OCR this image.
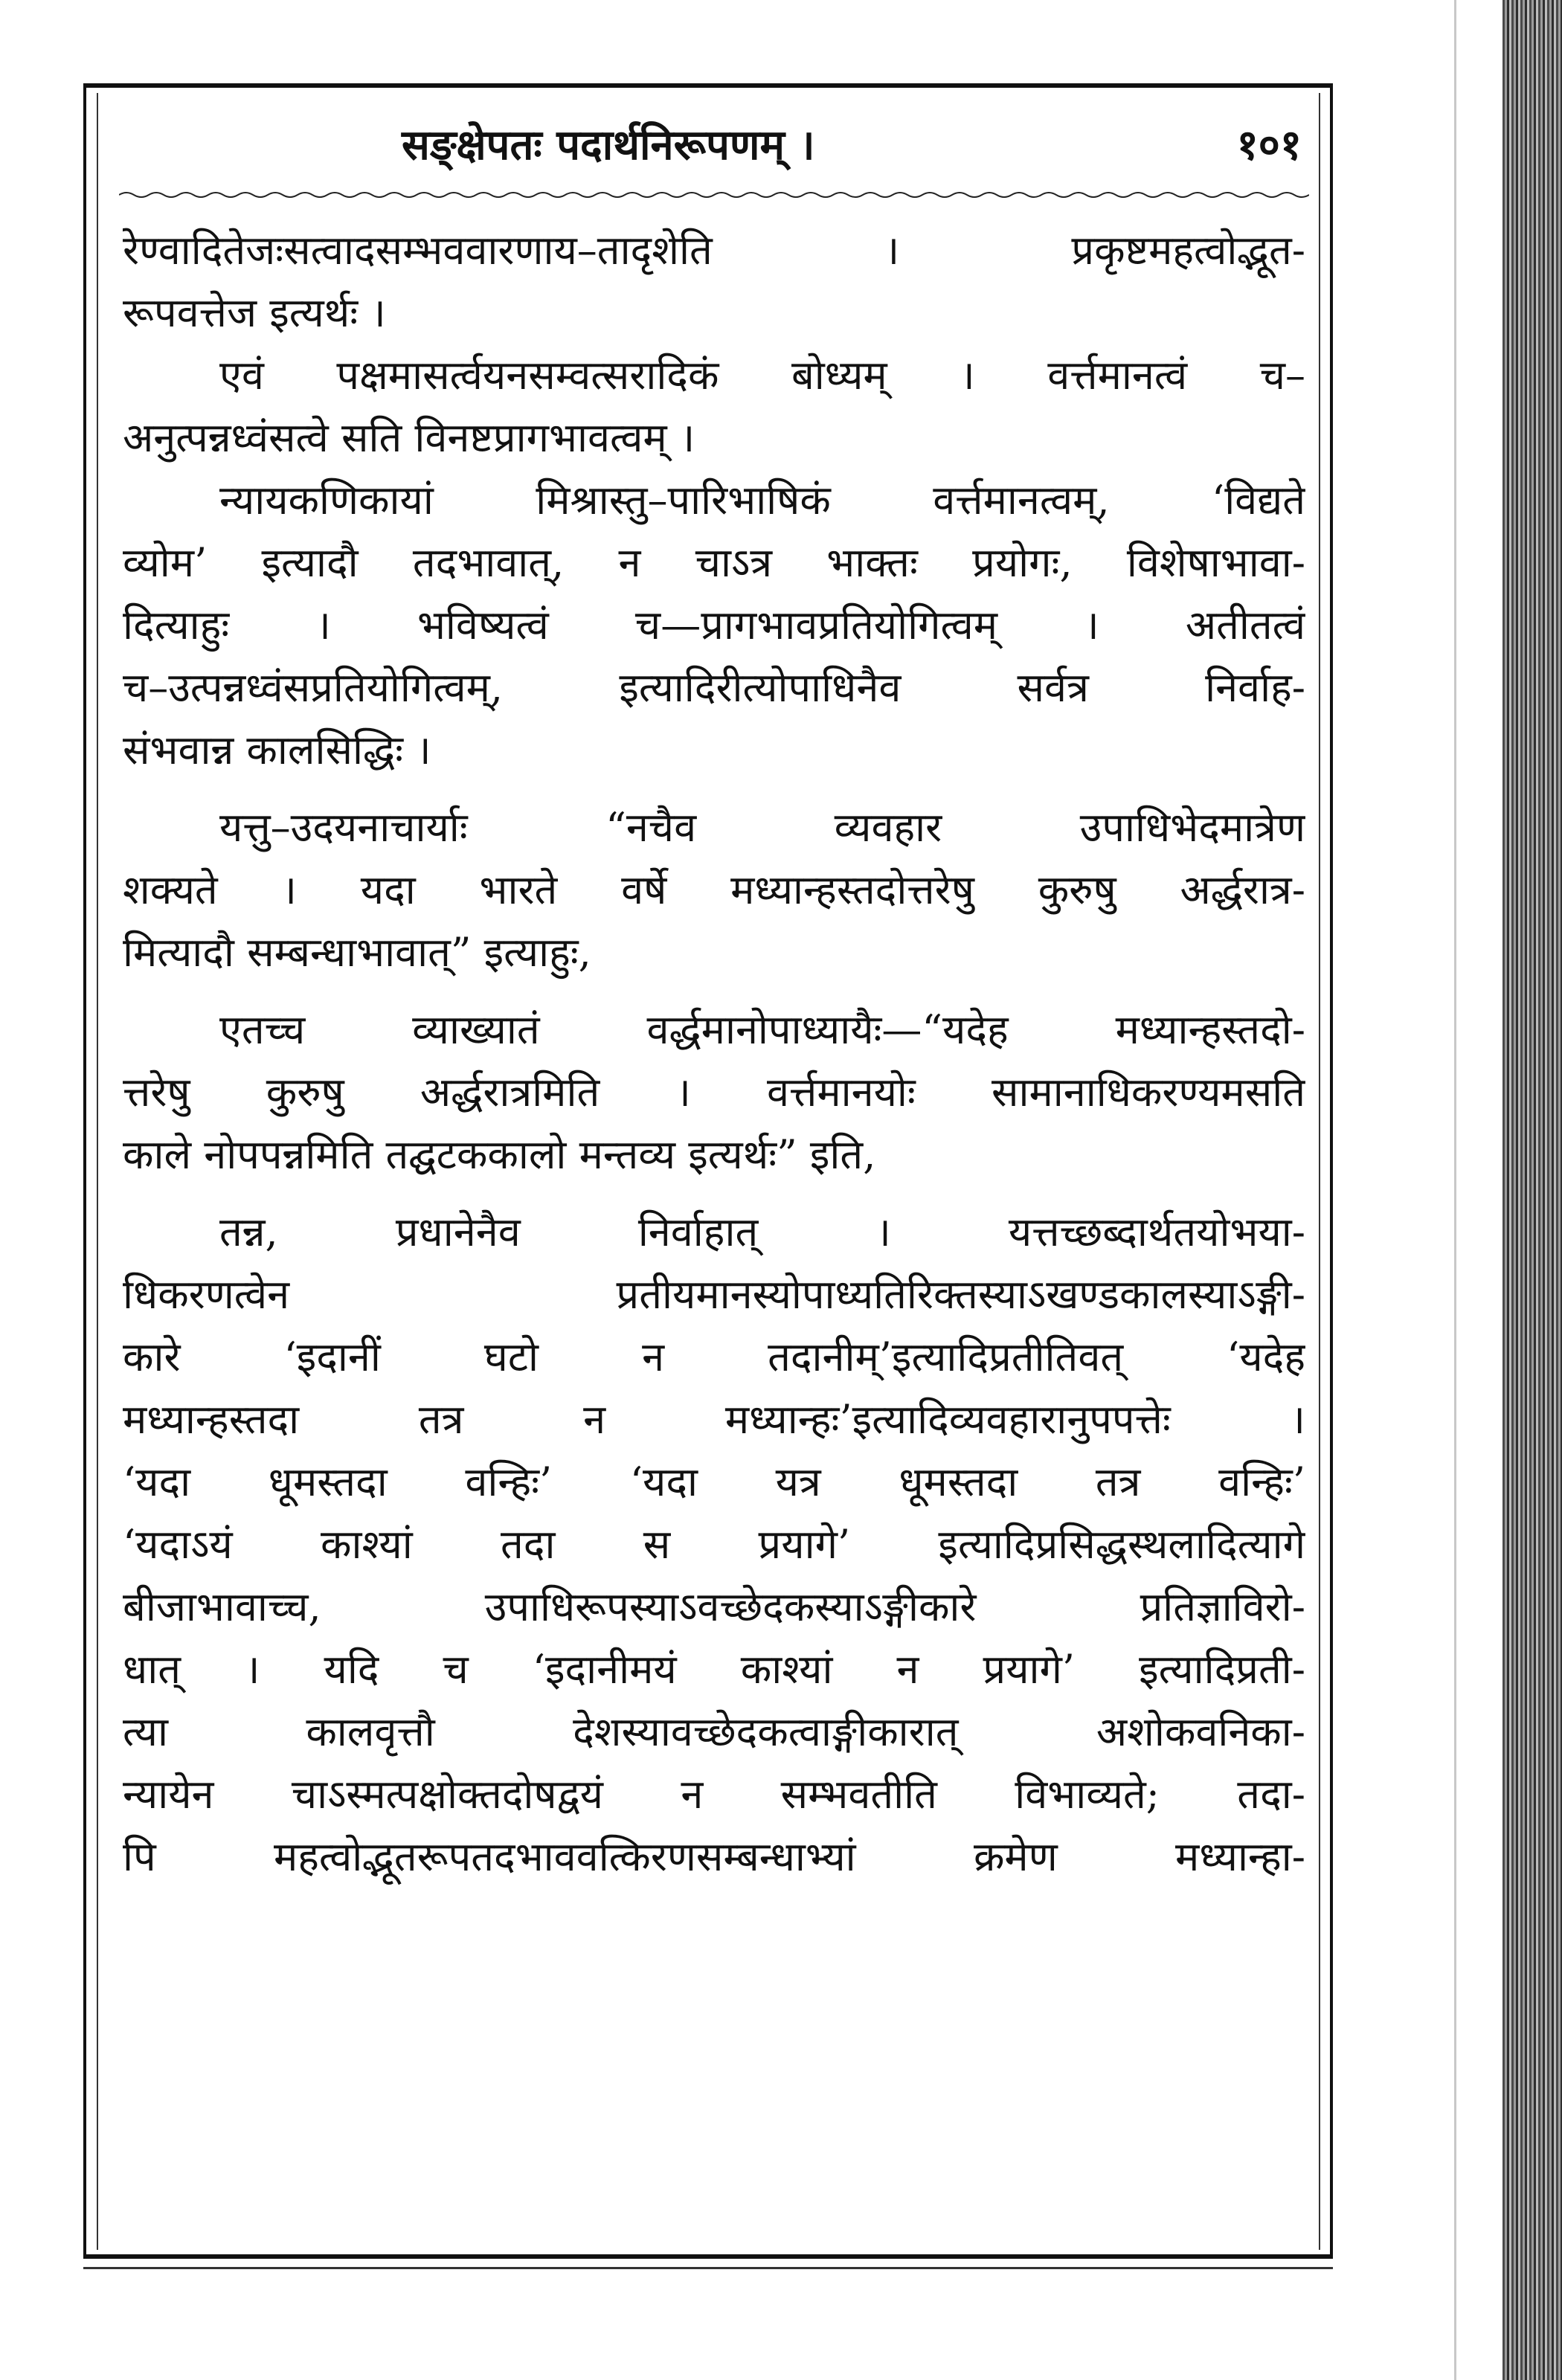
सङ्क्षेपतः पदार्थनिरूपणम् ।	१०१
रेण्वादितेजःसत्वादसम्भववारणाय–तादृशेति । प्रकृष्टमहत्वोद्भूत-
रूपवत्तेज इत्यर्थः ।
एवं पक्षमासर्त्वयनसम्वत्सरादिकं बोध्यम् । वर्त्तमानत्वं च–
अनुत्पन्नध्वंसत्वे सति विनष्टप्रागभावत्वम् ।
न्यायकणिकायां मिश्रास्तु–पारिभाषिकं वर्त्तमानत्वम्, ‘विद्यते
व्योम’ इत्यादौ तदभावात्, न चाऽत्र भाक्तः प्रयोगः, विशेषाभावा-
दित्याहुः । भविष्यत्वं च—प्रागभावप्रतियोगित्वम् । अतीतत्वं
च–उत्पन्नध्वंसप्रतियोगित्वम्, इत्यादिरीत्योपाधिनैव सर्वत्र निर्वाह-
संभवान्न कालसिद्धिः ।
यत्तु–उदयनाचार्याः “नचैव व्यवहार उपाधिभेदमात्रेण
शक्यते । यदा भारते वर्षे मध्यान्हस्तदोत्तरेषु कुरुषु अर्द्धरात्र-
मित्यादौ सम्बन्धाभावात्” इत्याहुः,
एतच्च व्याख्यातं वर्द्धमानोपाध्यायैः—“यदेह मध्यान्हस्तदो-
त्तरेषु कुरुषु अर्द्धरात्रमिति । वर्त्तमानयोः सामानाधिकरण्यमसति
काले नोपपन्नमिति तद्घटककालो मन्तव्य इत्यर्थः” इति,
तन्न, प्रधानेनैव निर्वाहात् । यत्तच्छब्दार्थतयोभया-
धिकरणत्वेन प्रतीयमानस्योपाध्यतिरिक्तस्याऽखण्डकालस्याऽङ्गी-
कारे ‘इदानीं घटो न तदानीम्’इत्यादिप्रतीतिवत् ‘यदेह
मध्यान्हस्तदा तत्र न मध्यान्हः’इत्यादिव्यवहारानुपपत्तेः ।
‘यदा धूमस्तदा वन्हिः’ ‘यदा यत्र धूमस्तदा तत्र वन्हिः’
‘यदाऽयं काश्यां तदा स प्रयागे’ इत्यादिप्रसिद्धस्थलादित्यागे
बीजाभावाच्च, उपाधिरूपस्याऽवच्छेदकस्याऽङ्गीकारे प्रतिज्ञाविरो-
धात् । यदि च ‘इदानीमयं काश्यां न प्रयागे’ इत्यादिप्रती-
त्या कालवृत्तौ देशस्यावच्छेदकत्वाङ्गीकारात् अशोकवनिका-
न्यायेन चाऽस्मत्पक्षोक्तदोषद्वयं न सम्भवतीति विभाव्यते; तदा-
पि महत्वोद्भूतरूपतदभाववत्किरणसम्बन्धाभ्यां क्रमेण मध्यान्हा-
